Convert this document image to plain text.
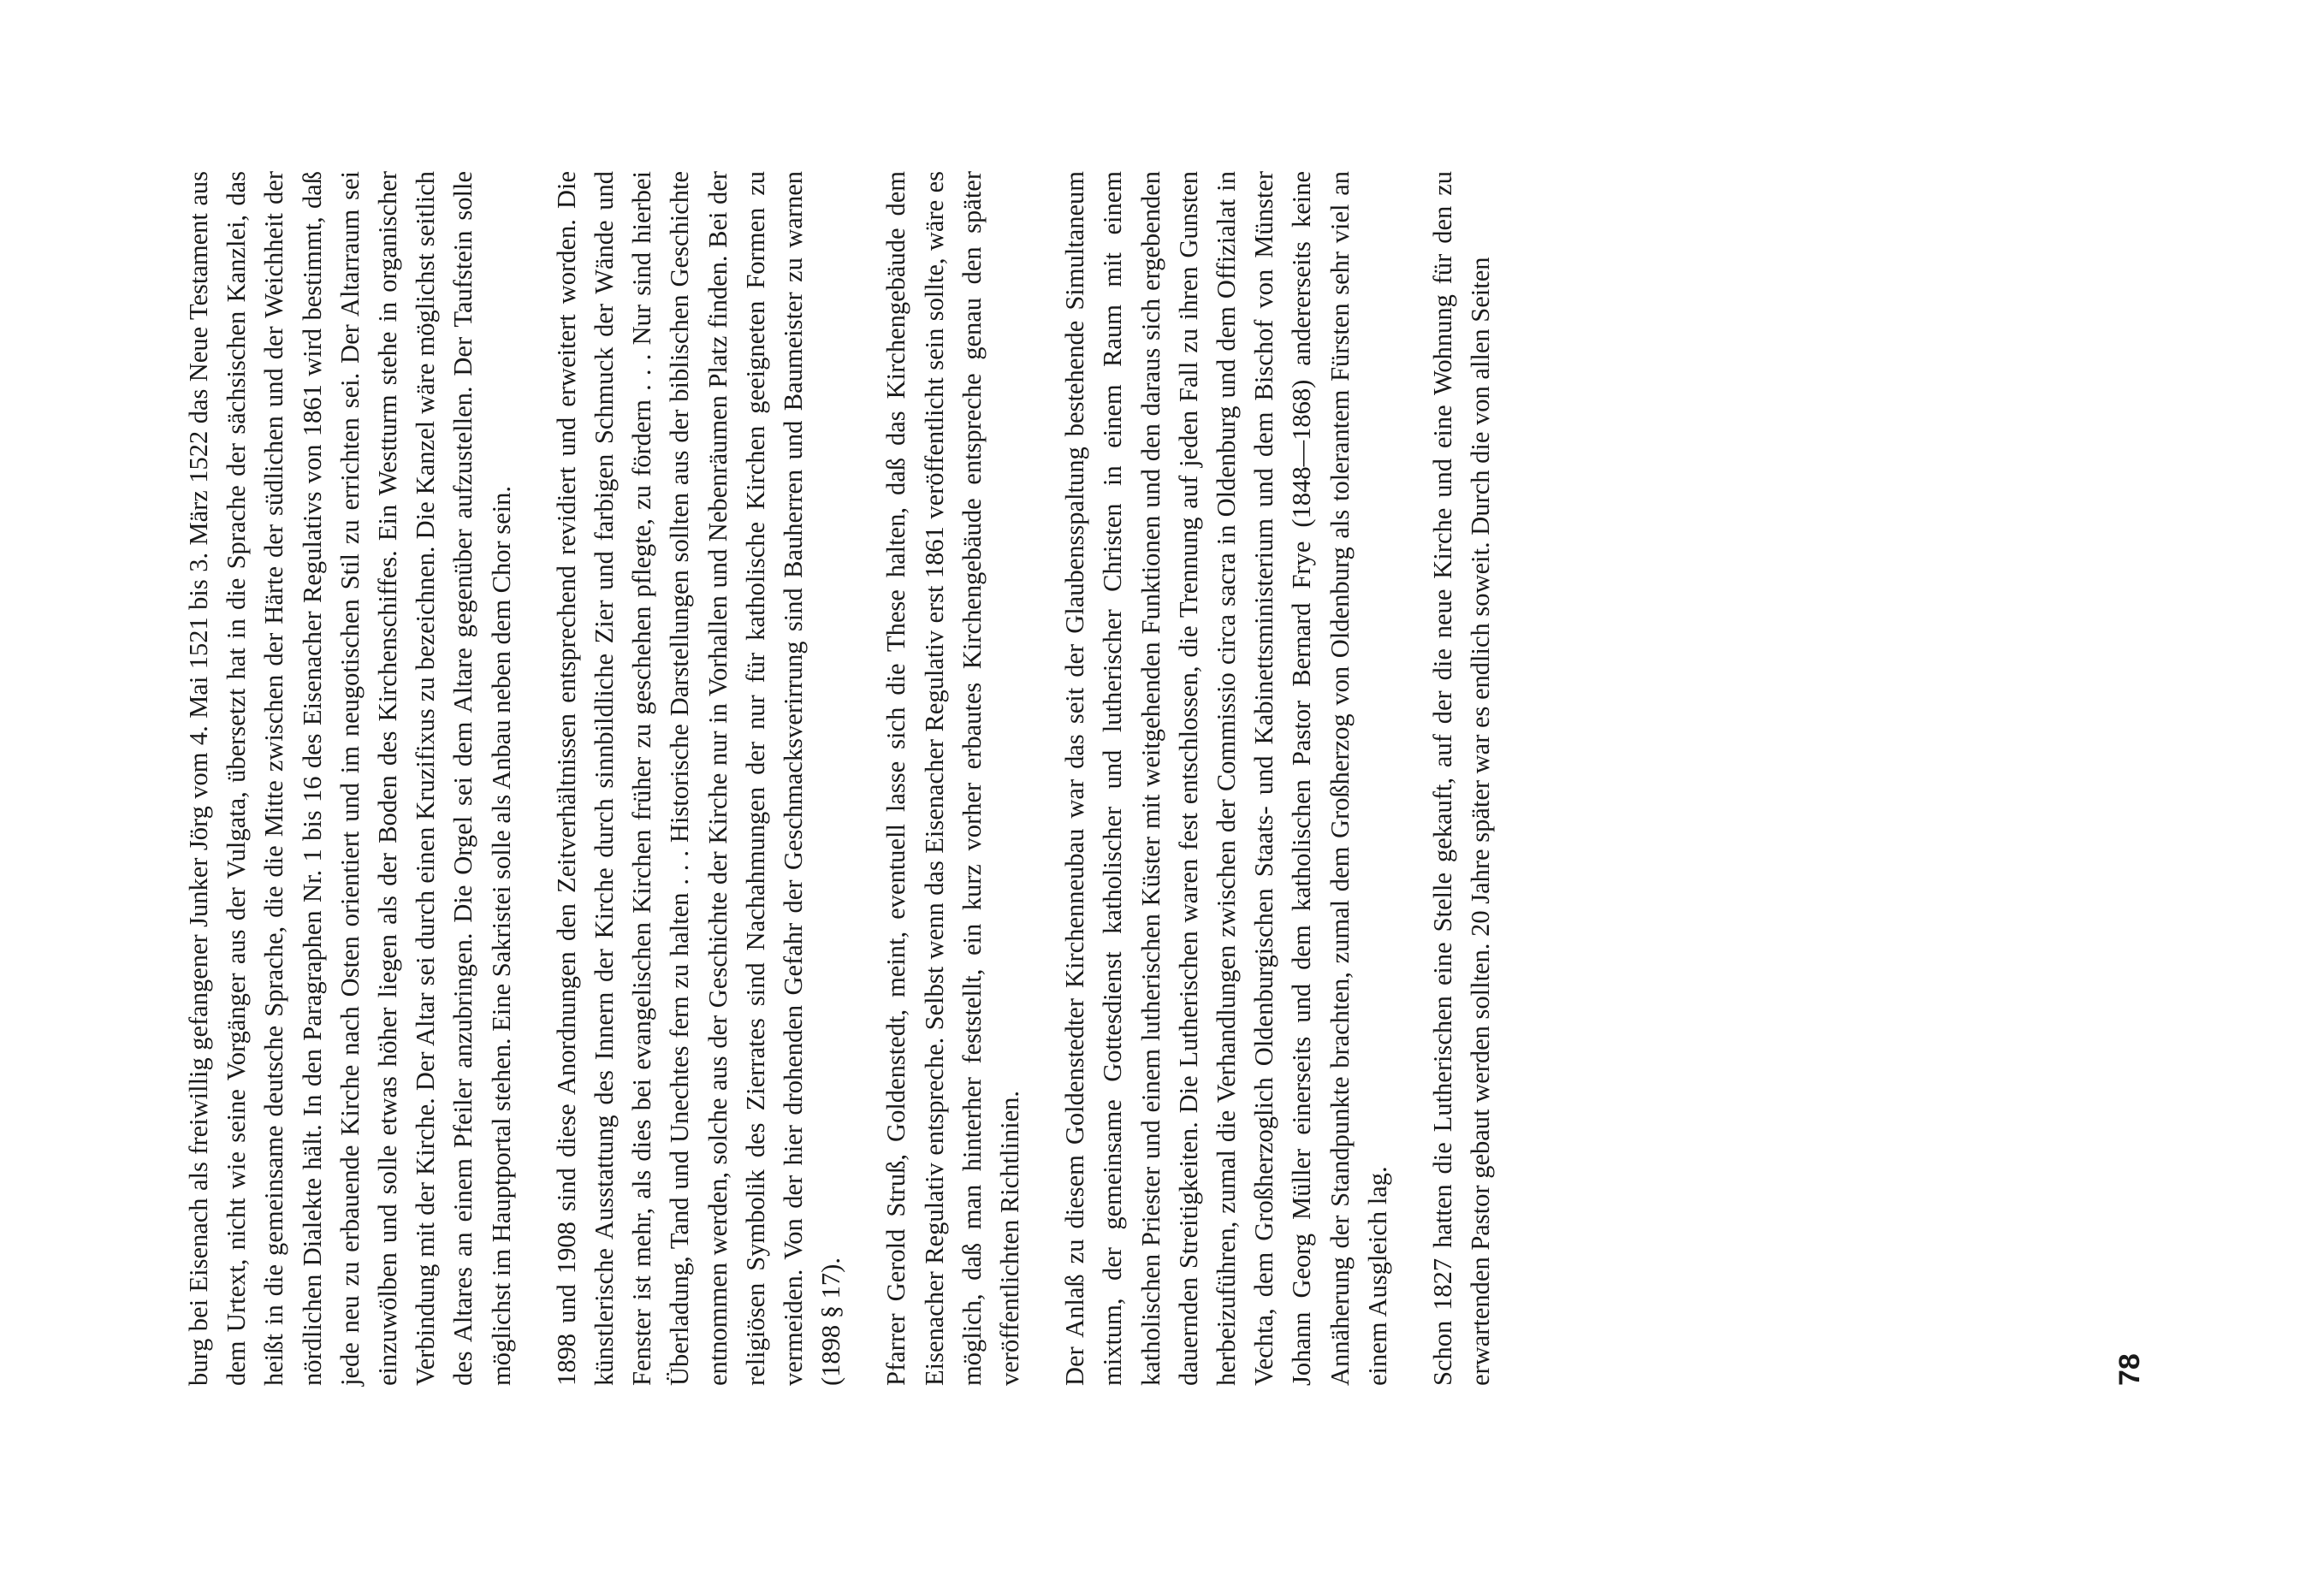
burg bei Eisenach als freiwillig gefangener Junker Jörg vom 4. Mai 1521 bis 3. März 1522 das Neue Testament aus dem Urtext, nicht wie seine Vorgänger aus der Vulgata, übersetzt hat in die Sprache der sächsischen Kanzlei, das heißt in die gemeinsame deutsche Sprache, die die Mitte zwischen der Härte der südlichen und der Weichheit der nördlichen Dialekte hält. In den Paragraphen Nr. 1 bis 16 des Eisenacher Regulativs von 1861 wird bestimmt, daß jede neu zu erbauende Kirche nach Osten orientiert und im neugotischen Stil zu errichten sei. Der Altarraum sei einzuwölben und solle etwas höher liegen als der Boden des Kirchenschiffes. Ein Westturm stehe in organischer Verbindung mit der Kirche. Der Altar sei durch einen Kruzifixus zu bezeichnen. Die Kanzel wäre möglichst seitlich des Altares an einem Pfeiler anzubringen. Die Orgel sei dem Altare gegenüber aufzustellen. Der Taufstein solle möglichst im Hauptportal stehen. Eine Sakristei solle als Anbau neben dem Chor sein. 1898 und 1908 sind diese Anordnungen den Zeitverhältnissen entsprechend revidiert und erweitert worden. Die künstlerische Ausstattung des Innern der Kirche durch sinnbildliche Zier und farbigen Schmuck der Wände und Fenster ist mehr, als dies bei evangelischen Kirchen früher zu geschehen pflegte, zu fördern . . . Nur sind hierbei Überladung, Tand und Unechtes fern zu halten . . . Historische Darstellungen sollten aus der biblischen Geschichte entnommen werden, solche aus der Geschichte der Kirche nur in Vorhallen und Nebenräumen Platz finden. Bei der religiösen Symbolik des Zierrates sind Nachahmungen der nur für katholische Kirchen geeigneten Formen zu vermeiden. Von der hier drohenden Gefahr der Geschmacksverirrung sind Bauherren und Baumeister zu warnen (1898 § 17). Pfarrer Gerold Struß, Goldenstedt, meint, eventuell lasse sich die These halten, daß das Kirchengebäude dem Eisenacher Regulativ entspreche. Selbst wenn das Eisenacher Regulativ erst 1861 veröffentlicht sein sollte, wäre es möglich, daß man hinterher feststellt, ein kurz vorher erbautes Kirchengebäude entspreche genau den später veröffentlichten Richtlinien. Der Anlaß zu diesem Goldenstedter Kirchenneubau war das seit der Glaubensspaltung bestehende Simultaneum mixtum, der gemeinsame Gottesdienst katholischer und lutherischer Christen in einem Raum mit einem katholischen Priester und einem lutherischen Küster mit weitgehenden Funktionen und den daraus sich ergebenden dauernden Streitigkeiten. Die Lutherischen waren fest entschlossen, die Trennung auf jeden Fall zu ihren Gunsten herbeizuführen, zumal die Verhandlungen zwischen der Commissio circa sacra in Oldenburg und dem Offizialat in Vechta, dem Großherzoglich Oldenburgischen Staats- und Kabinettsministerium und dem Bischof von Münster Johann Georg Müller einerseits und dem katholischen Pastor Bernard Frye (1848—1868) andererseits keine Annäherung der Standpunkte brachten, zumal dem Großherzog von Oldenburg als tolerantem Fürsten sehr viel an einem Ausgleich lag. Schon 1827 hatten die Lutherischen eine Stelle gekauft, auf der die neue Kirche und eine Wohnung für den zu erwartenden Pastor gebaut werden sollten. 20 Jahre später war es endlich soweit. Durch die von allen Seiten	78
